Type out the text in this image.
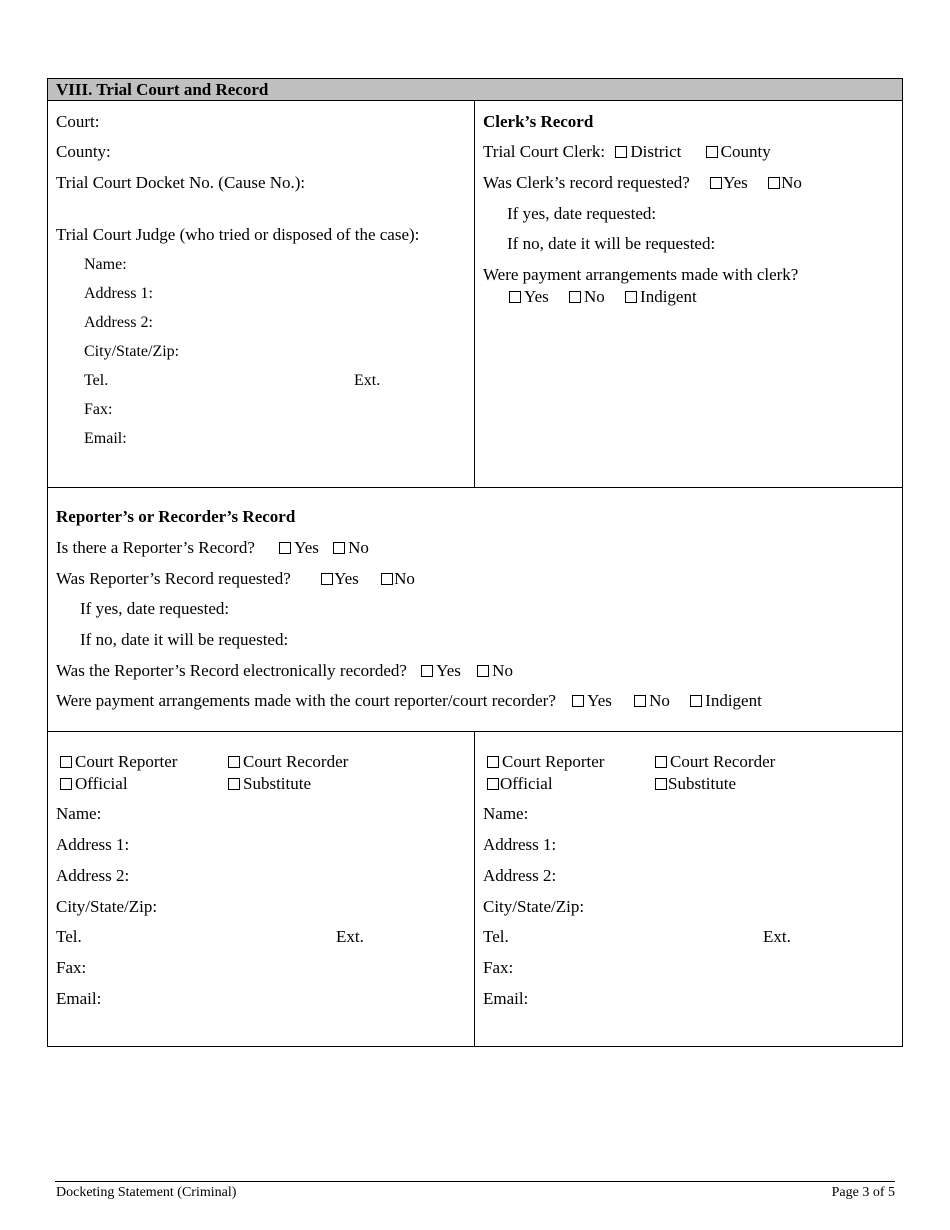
VIII. Trial Court and Record
Court:
County:
Trial Court Docket No. (Cause No.):
Trial Court Judge (who tried or disposed of the case):
Name:
Address 1:
Address 2:
City/State/Zip:
Tel.	Ext.
Fax:
Email:
Clerk’s Record
Trial Court Clerk: District County
Was Clerk’s record requested? Yes No
If yes, date requested:
If no, date it will be requested:
Were payment arrangements made with clerk?
Yes No Indigent
Reporter’s or Recorder’s Record
Is there a Reporter’s Record? Yes No
Was Reporter’s Record requested?	Yes No
If yes, date requested:
If no, date it will be requested:
Was the Reporter’s Record electronically recorded? Yes No
Were payment arrangements made with the court reporter/court recorder? Yes No Indigent
Court Reporter	Court Recorder
Official	Substitute
Name:
Address 1:
Address 2:
City/State/Zip:
Tel.	Ext.
Fax:
Email:
Court Reporter	Court Recorder
Official	Substitute
Name:
Address 1:
Address 2:
City/State/Zip:
Tel.	Ext.
Fax:
Email:
Docketing Statement (Criminal)	Page 3 of 5
